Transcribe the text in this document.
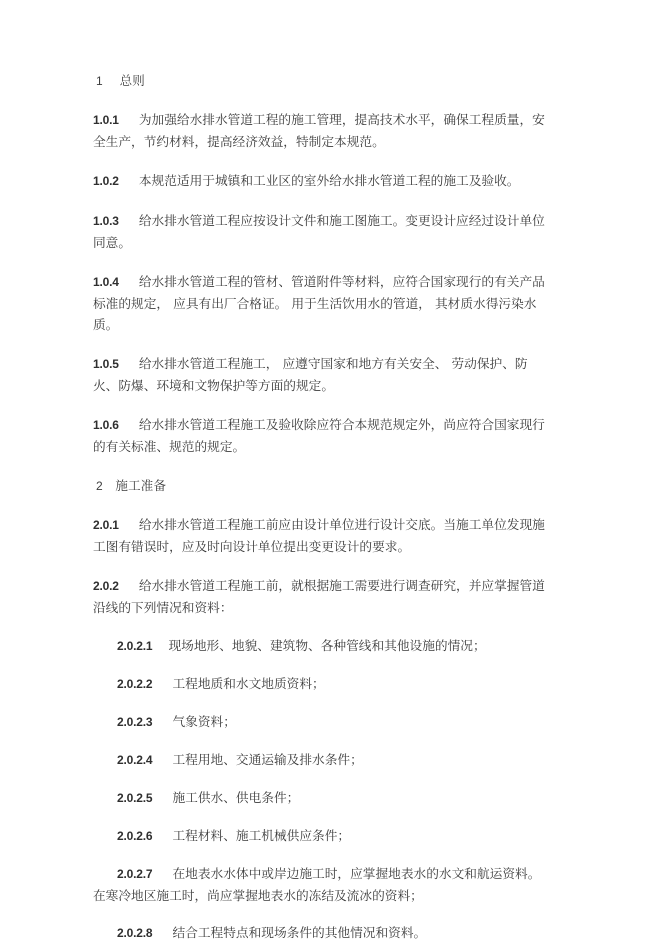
1 总则

1.0.1 为加强给水排水管道工程的施工管理，提高技术水平，确保工程质量，安全生产，节约材料，提高经济效益，特制定本规范。

1.0.2 本规范适用于城镇和工业区的室外给水排水管道工程的施工及验收。

1.0.3 给水排水管道工程应按设计文件和施工图施工。变更设计应经过设计单位同意。

1.0.4 给水排水管道工程的管材、管道附件等材料，应符合国家现行的有关产品标准的规定， 应具有出厂合格证。 用于生活饮用水的管道， 其材质水得污染水质。

1.0.5 给水排水管道工程施工， 应遵守国家和地方有关安全、 劳动保护、防火、防爆、环境和文物保护等方面的规定。

1.0.6 给水排水管道工程施工及验收除应符合本规范规定外，尚应符合国家现行的有关标准、规范的规定。

2 施工准备

2.0.1 给水排水管道工程施工前应由设计单位进行设计交底。当施工单位发现施工图有错误时，应及时向设计单位提出变更设计的要求。

2.0.2 给水排水管道工程施工前，就根据施工需要进行调查研究，并应掌握管道沿线的下列情况和资料：

2.0.2.1 现场地形、地貌、建筑物、各种管线和其他设施的情况；

2.0.2.2 工程地质和水文地质资料；

2.0.2.3 气象资料；

2.0.2.4 工程用地、交通运输及排水条件；

2.0.2.5 施工供水、供电条件；

2.0.2.6 工程材料、施工机械供应条件；

2.0.2.7 在地表水水体中或岸边施工时，应掌握地表水的水文和航运资料。在寒冷地区施工时，尚应掌握地表水的冻结及流冰的资料；

2.0.2.8 结合工程特点和现场条件的其他情况和资料。
